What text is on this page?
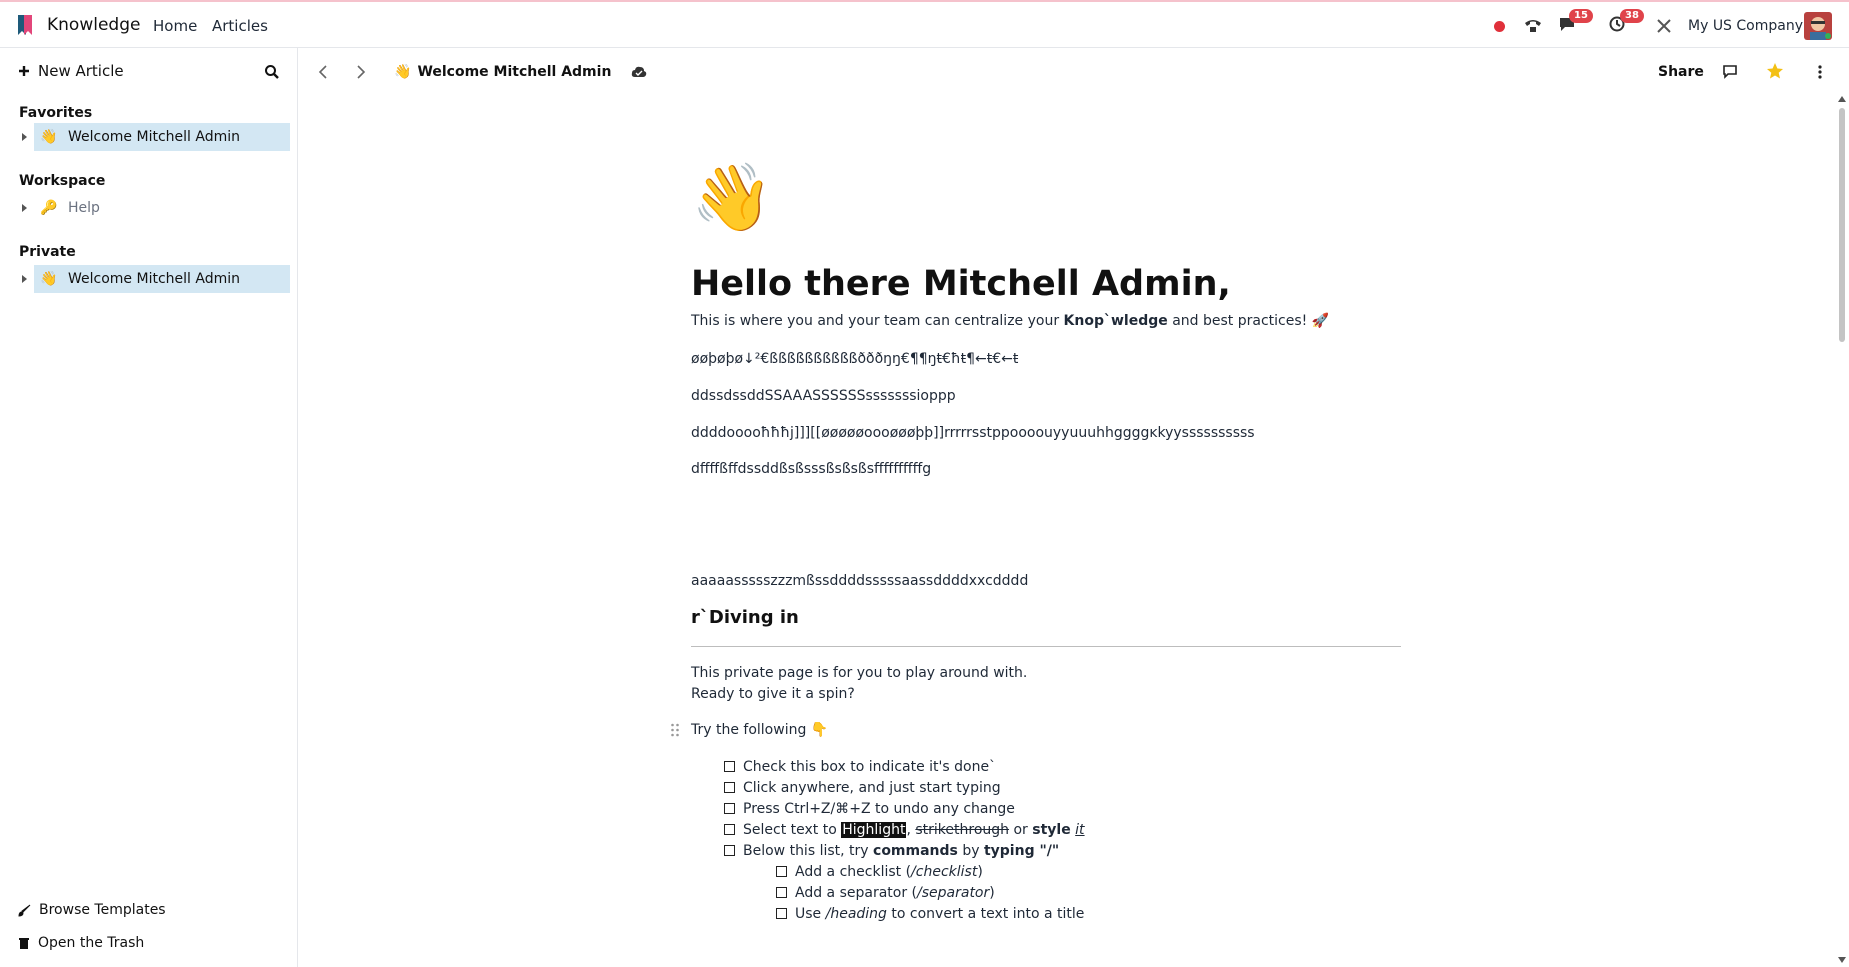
Knowledge Home Articles
15	38
My US Company
New Article
Favorites
👋 Welcome Mitchell Admin
Workspace
🔑 Help
Private
👋 Welcome Mitchell Admin
Browse Templates
Open the Trash
👋 Welcome Mitchell Admin	Share
👋
Hello there Mitchell Admin,
This is where you and your team can centralize your Knop`wledge and best practices! 🚀
øøþøþø↓²€ßßßßßßßßßßðððŋŋ€¶¶ŋŧ€ħŧ¶←ŧ€←ŧ
ddssdssddSSAAASSSSSSsssssssioppp
ddddooooħħħj]]][[øøøøøoooøøøþþ]]rrrrrsstppoooouyyuuuhhggggĸkyyssssssssss
dffffßffdssddßsßsssßsßsßsffffffffffg
aaaaassssszzzmßssddddsssssaassddddxxcdddd
r`Diving in
This private page is for you to play around with.
Ready to give it a spin?
Try the following 👇
Check this box to indicate it's done`
Click anywhere, and just start typing
Press Ctrl+Z/⌘+Z to undo any change
Select text to Highlight, strikethrough or style it
Below this list, try commands by typing "/"
Add a checklist (/checklist)
Add a separator (/separator)
Use /heading to convert a text into a title
